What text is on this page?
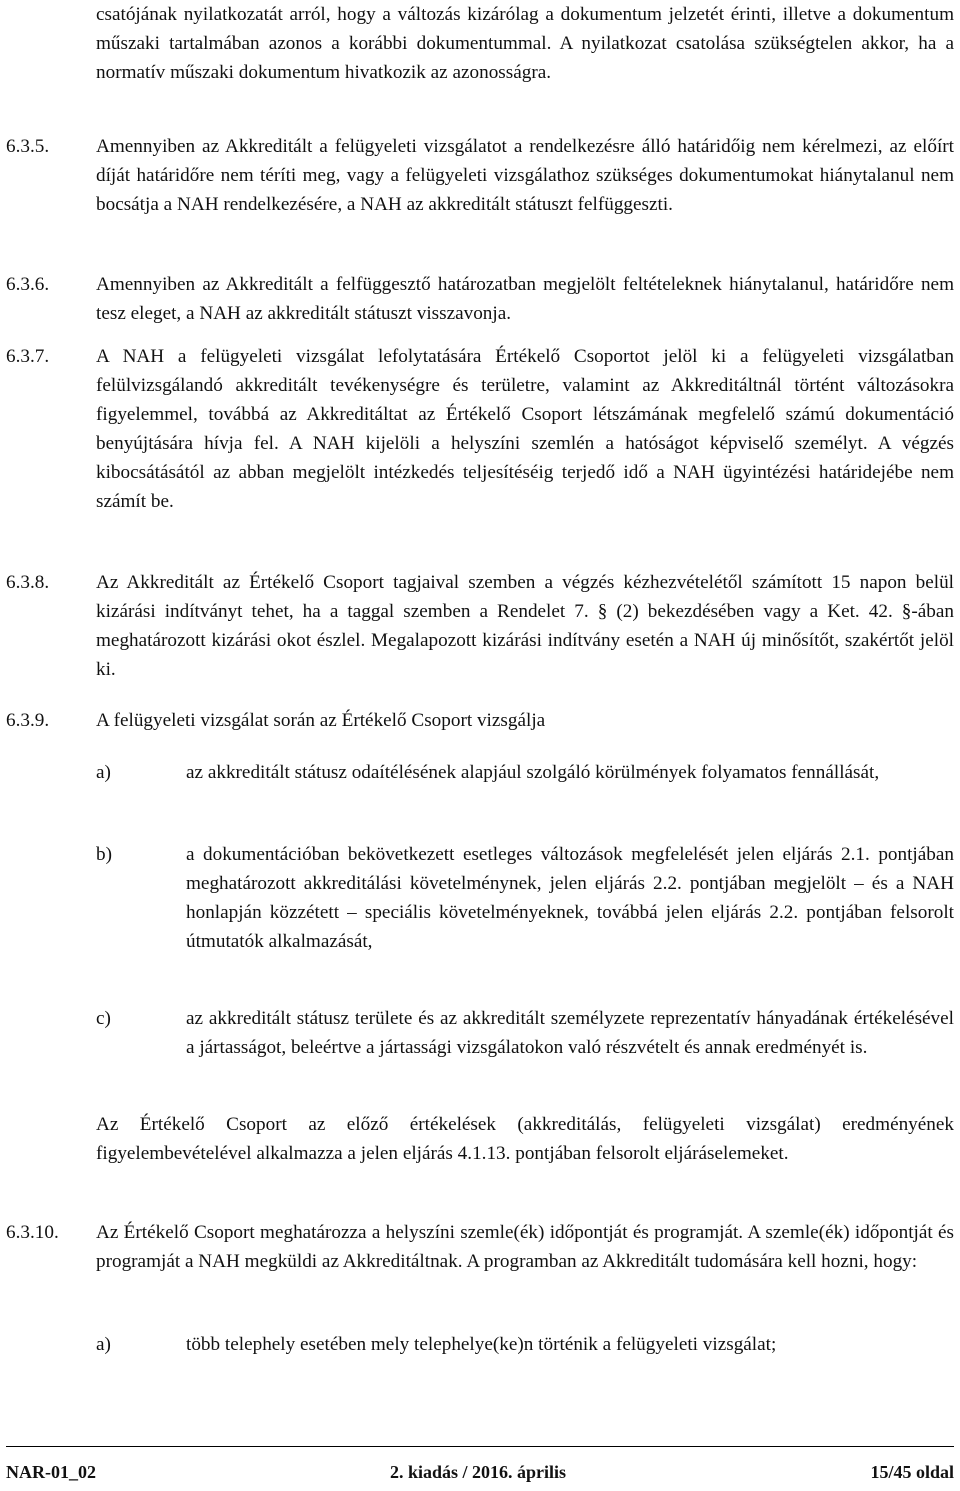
csatójának nyilatkozatát arról, hogy a változás kizárólag a dokumentum jelzetét érinti, illetve a dokumentum műszaki tartalmában azonos a korábbi dokumentummal. A nyilatkozat csatolása szükségtelen akkor, ha a normatív műszaki dokumentum hivatkozik az azonosságra.

6.3.5. Amennyiben az Akkreditált a felügyeleti vizsgálatot a rendelkezésre álló határidőig nem kérelmezi, az előírt díját határidőre nem téríti meg, vagy a felügyeleti vizsgálathoz szükséges dokumentumokat hiánytalanul nem bocsátja a NAH rendelkezésére, a NAH az akkreditált státuszt felfüggeszti.

6.3.6. Amennyiben az Akkreditált a felfüggesztő határozatban megjelölt feltételeknek hiánytalanul, határidőre nem tesz eleget, a NAH az akkreditált státuszt visszavonja.

6.3.7. A NAH a felügyeleti vizsgálat lefolytatására Értékelő Csoportot jelöl ki a felügyeleti vizsgálatban felülvizsgálandó akkreditált tevékenységre és területre, valamint az Akkreditáltnál történt változásokra figyelemmel, továbbá az Akkreditáltat az Értékelő Csoport létszámának megfelelő számú dokumentáció benyújtására hívja fel. A NAH kijelöli a helyszíni szemlén a hatóságot képviselő személyt. A végzés kibocsátásától az abban megjelölt intézkedés teljesítéséig terjedő idő a NAH ügyintézési határidejébe nem számít be.

6.3.8. Az Akkreditált az Értékelő Csoport tagjaival szemben a végzés kézhezvételétől számított 15 napon belül kizárási indítványt tehet, ha a taggal szemben a Rendelet 7. § (2) bekezdésében vagy a Ket. 42. §-ában meghatározott kizárási okot észlel. Megalapozott kizárási indítvány esetén a NAH új minősítőt, szakértőt jelöl ki.

6.3.9. A felügyeleti vizsgálat során az Értékelő Csoport vizsgálja

a)	az akkreditált státusz odaítélésének alapjául szolgáló körülmények folyamatos fennállását,

b)	a dokumentációban bekövetkezett esetleges változások megfelelését jelen eljárás 2.1. pontjában meghatározott akkreditálási követelménynek, jelen eljárás 2.2. pontjában megjelölt – és a NAH honlapján közzétett – speciális követelményeknek, továbbá jelen eljárás 2.2. pontjában felsorolt útmutatók alkalmazását,

c)	az akkreditált státusz területe és az akkreditált személyzete reprezentatív hányadának értékelésével a jártasságot, beleértve a jártassági vizsgálatokon való részvételt és annak eredményét is.

Az Értékelő Csoport az előző értékelések (akkreditálás, felügyeleti vizsgálat) eredményének figyelembevételével alkalmazza a jelen eljárás 4.1.13. pontjában felsorolt eljáráselemeket.

6.3.10. Az Értékelő Csoport meghatározza a helyszíni szemle(ék) időpontját és programját. A szemle(ék) időpontját és programját a NAH megküldi az Akkreditáltnak. A programban az Akkreditált tudomására kell hozni, hogy:

a)	több telephely esetében mely telephelye(ke)n történik a felügyeleti vizsgálat;

NAR-01_02	2. kiadás / 2016. április	15/45 oldal
